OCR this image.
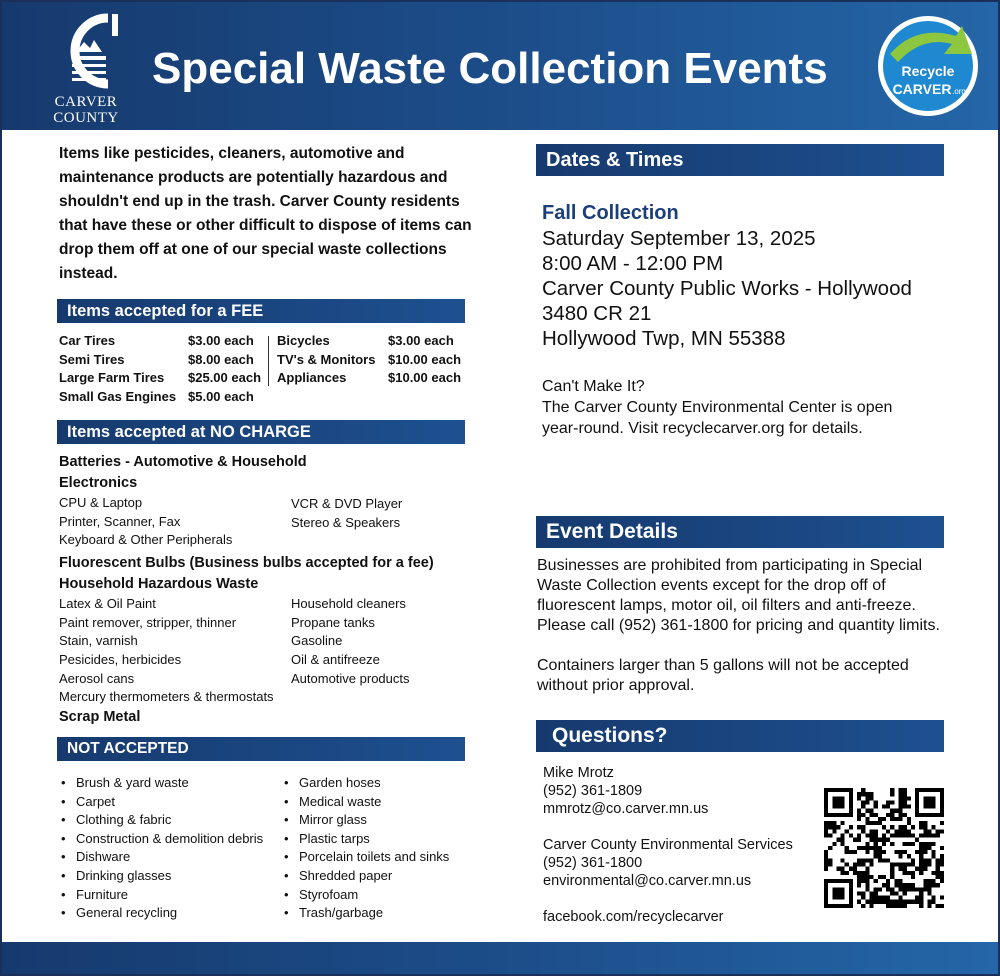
CARVER
COUNTY
Special Waste Collection Events	Recycle
CARVER .org
Items like pesticides, cleaners, automotive and maintenance products are potentially hazardous and shouldn't end up in the trash. Carver County residents that have these or other difficult to dispose of items can drop them off at one of our special waste collections instead.
Items accepted for a FEE
Car Tires	$3.00 each
Semi Tires	$8.00 each
Large Farm Tires	$25.00 each
Small Gas Engines $5.00 each
Bicycles	$3.00 each
TV's & Monitors $10.00 each
Appliances	$10.00 each
Items accepted at NO CHARGE
Batteries - Automotive & Household
Electronics
CPU & Laptop
Printer, Scanner, Fax
Keyboard & Other Peripherals
VCR & DVD Player
Stereo & Speakers
Fluorescent Bulbs (Business bulbs accepted for a fee)
Household Hazardous Waste
Latex & Oil Paint
Paint remover, stripper, thinner
Stain, varnish
Pesicides, herbicides
Aerosol cans
Mercury thermometers & thermostats
Household cleaners
Propane tanks
Gasoline
Oil & antifreeze
Automotive products
Scrap Metal
NOT ACCEPTED
• Brush & yard waste
• Carpet
• Clothing & fabric
• Construction & demolition debris
• Dishware
• Drinking glasses
• Furniture
• General recycling
• Garden hoses
• Medical waste
• Mirror glass
• Plastic tarps
• Porcelain toilets and sinks
• Shredded paper
• Styrofoam
• Trash/garbage
Dates & Times
Fall Collection
Saturday September 13, 2025
8:00 AM - 12:00 PM
Carver County Public Works - Hollywood
3480 CR 21
Hollywood Twp, MN 55388
Can't Make It?
The Carver County Environmental Center is open
year-round. Visit recyclecarver.org for details.
Event Details

Businesses are prohibited from participating in Special Waste Collection events except for the drop off of fluorescent lamps, motor oil, oil filters and anti-freeze. Please call (952) 361-1800 for pricing and quantity limits.

Containers larger than 5 gallons will not be accepted without prior approval.

Questions?
Mike Mrotz
(952) 361-1809
mmrotz@co.carver.mn.us
Carver County Environmental Services
(952) 361-1800
environmental@co.carver.mn.us
facebook.com/recyclecarver
